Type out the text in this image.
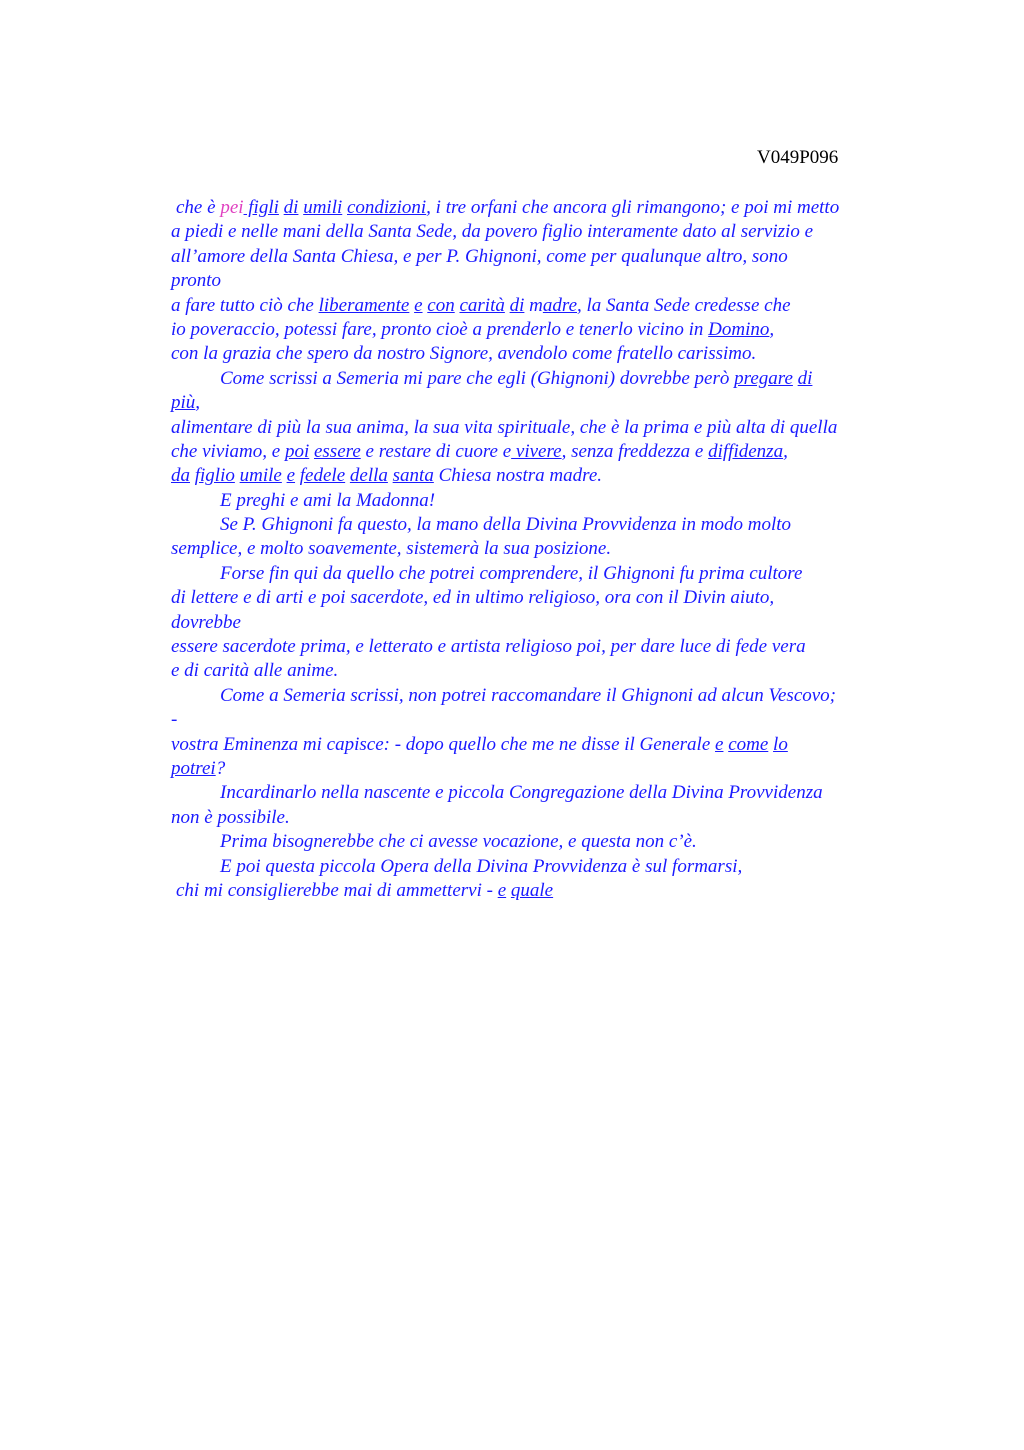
V049P096
che è pei figli di umili condizioni, i tre orfani che ancora gli rimangono; e poi mi metto
a piedi e nelle mani della Santa Sede, da povero figlio interamente dato al servizio e
all’amore della Santa Chiesa, e per P. Ghignoni, come per qualunque altro, sono
pronto
a fare tutto ciò che liberamente e con carità di madre, la Santa Sede credesse che
io poveraccio, potessi fare, pronto cioè a prenderlo e tenerlo vicino in Domino,
con la grazia che spero da nostro Signore, avendolo come fratello carissimo.
Come scrissi a Semeria mi pare che egli (Ghignoni) dovrebbe però pregare di
più,
alimentare di più la sua anima, la sua vita spirituale, che è la prima e più alta di quella
che viviamo, e poi essere e restare di cuore e vivere, senza freddezza e diffidenza,
da figlio umile e fedele della santa Chiesa nostra madre.
E preghi e ami la Madonna!
Se P. Ghignoni fa questo, la mano della Divina Provvidenza in modo molto
semplice, e molto soavemente, sistemerà la sua posizione.
Forse fin qui da quello che potrei comprendere, il Ghignoni fu prima cultore
di lettere e di arti e poi sacerdote, ed in ultimo religioso, ora con il Divin aiuto,
dovrebbe
essere sacerdote prima, e letterato e artista religioso poi, per dare luce di fede vera
e di carità alle anime.
Come a Semeria scrissi, non potrei raccomandare il Ghignoni ad alcun Vescovo;
-
vostra Eminenza mi capisce: - dopo quello che me ne disse il Generale e come lo
potrei?
Incardinarlo nella nascente e piccola Congregazione della Divina Provvidenza
non è possibile.
Prima bisognerebbe che ci avesse vocazione, e questa non c’è.
E poi questa piccola Opera della Divina Provvidenza è sul formarsi,
chi mi consiglierebbe mai di ammettervi - e quale
